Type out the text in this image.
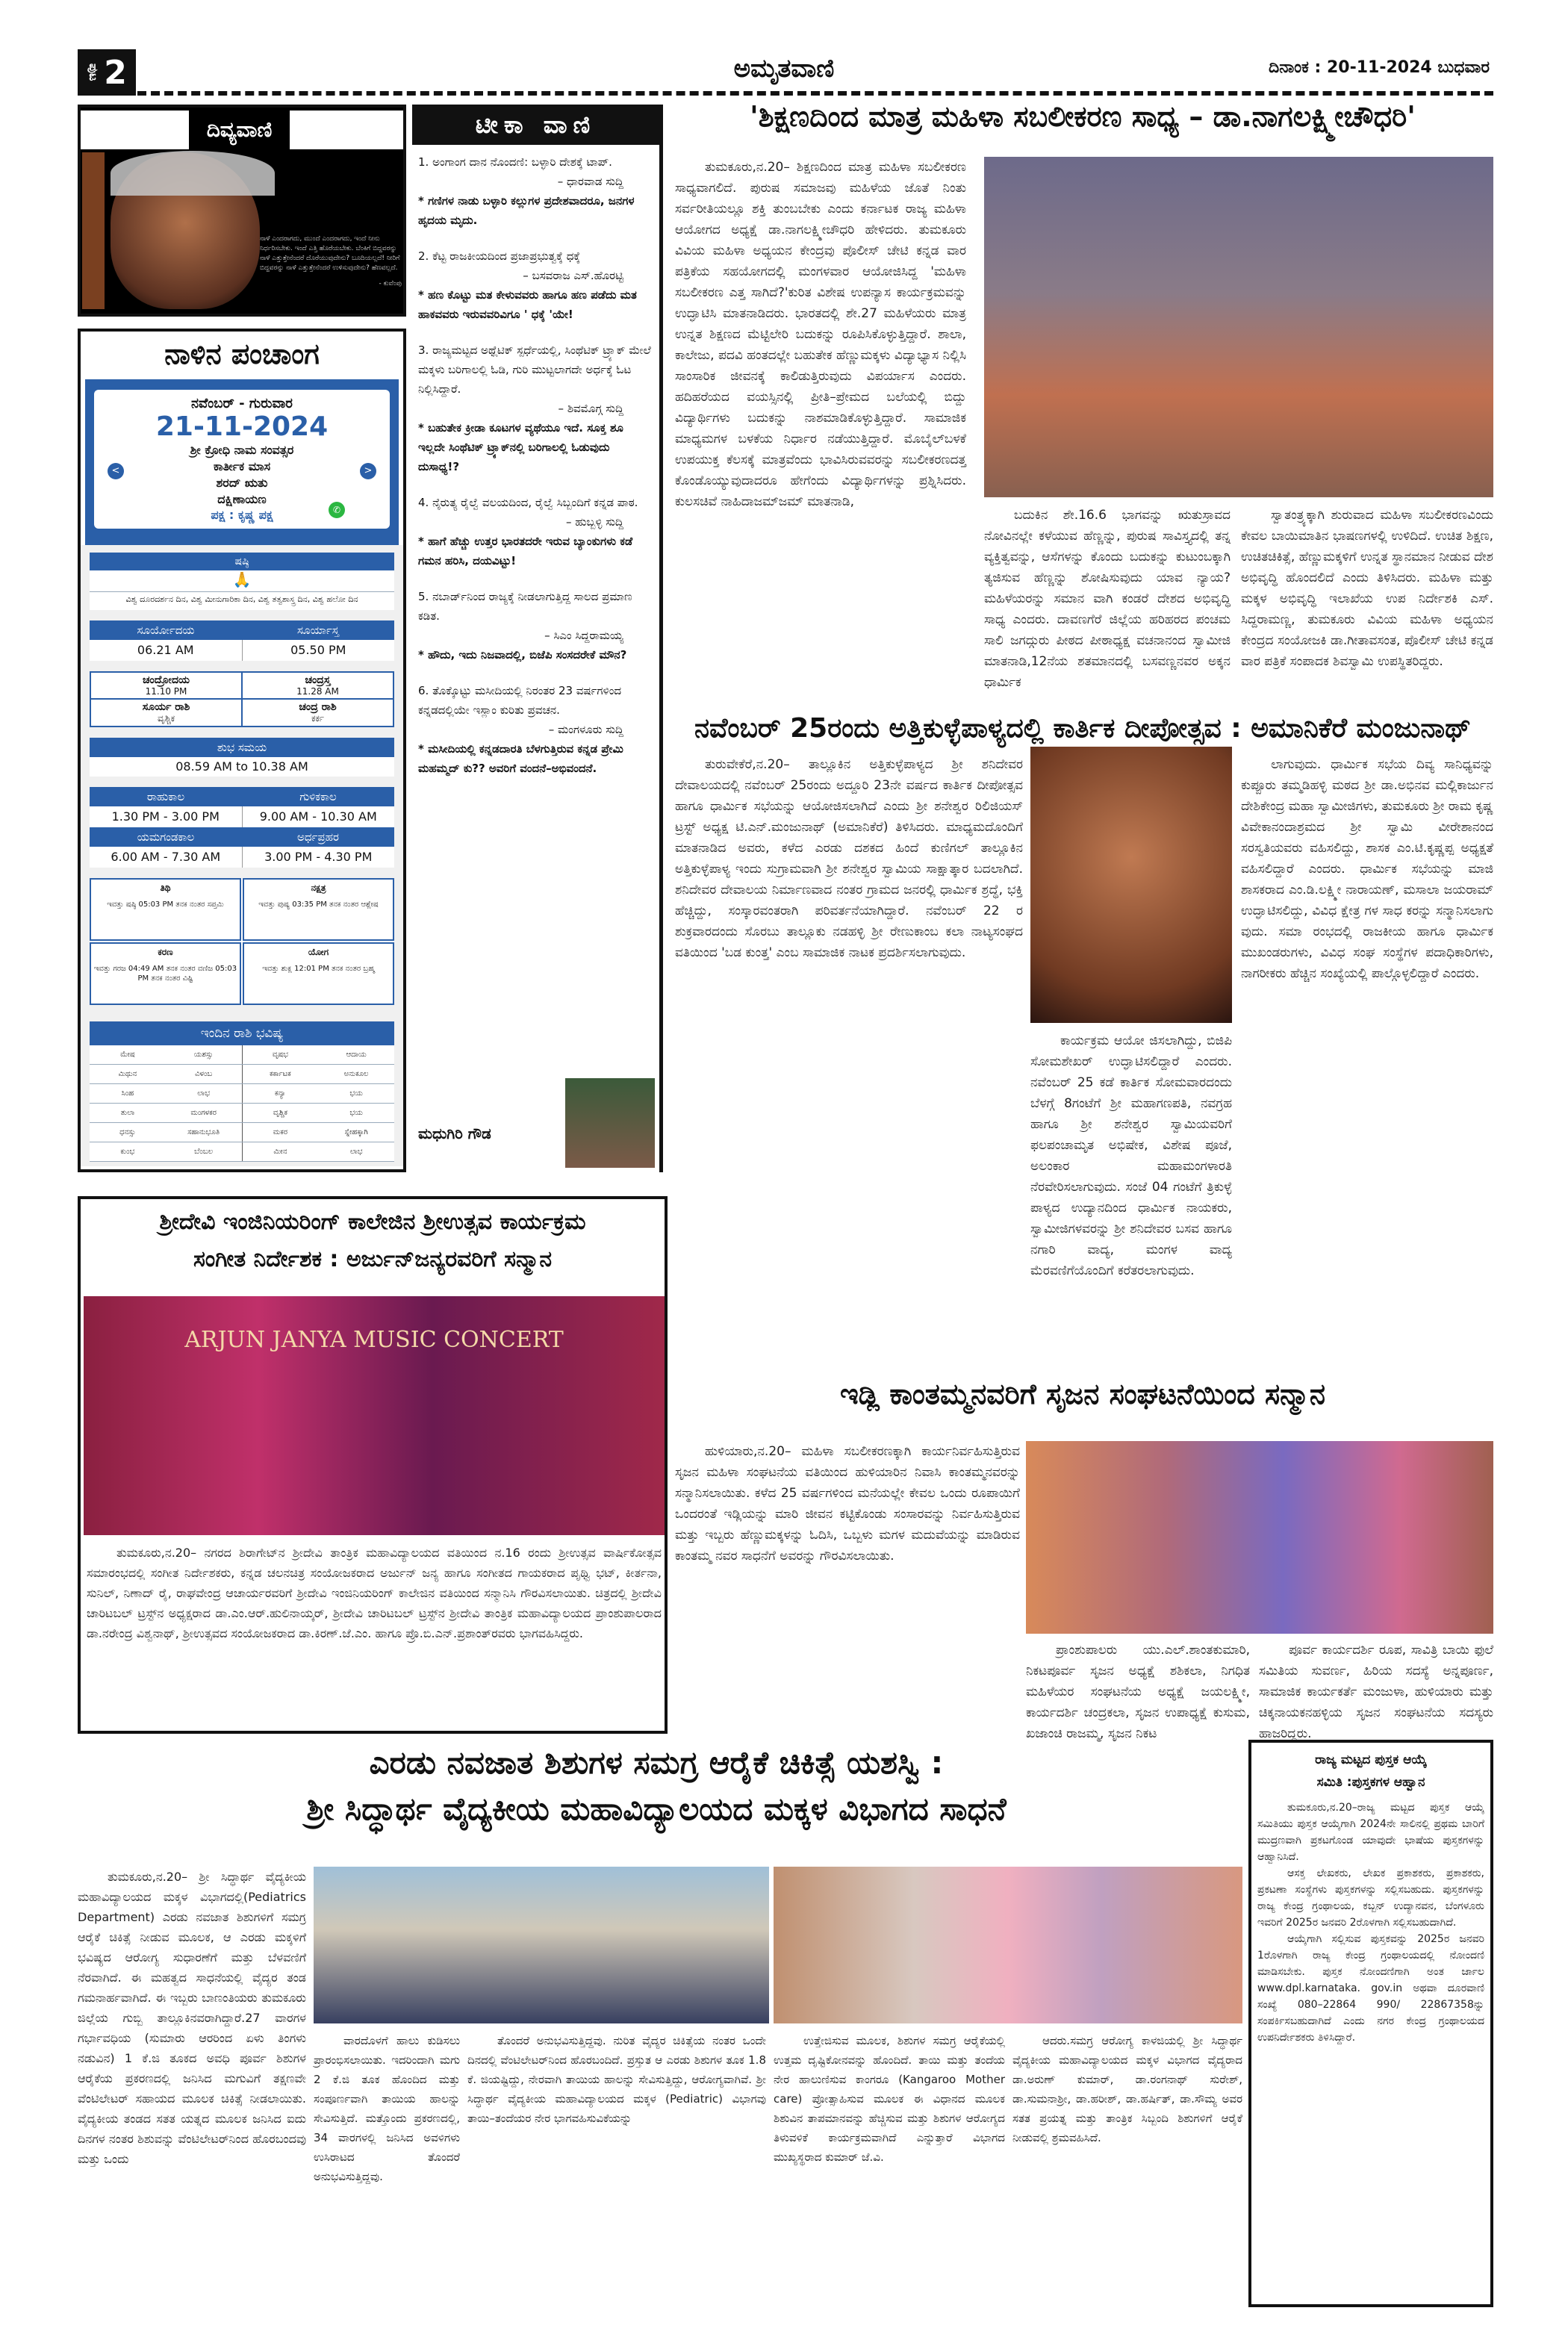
ಪುಟ 2	ಅಮೃತವಾಣಿ	ದಿನಾಂಕ : 20-11-2024 ಬುಧವಾರ
ದಿವ್ಯವಾಣಿ
ನಾಳೆ ಎಂದರಾಗದು, ಮುಂದೆ ಎಂದರಾಗದು, ಇಂದೆ ನೀನು ನಿರ್ಧರಿಸಬೇಕು. ಇಂದೆ ಎತ್ತಿ ಹೊರೆಯಬೇಕು. ಬೆಂಕಿಗೆ ಬಿದ್ದವರನ್ನು ನಾಳೆ ಎತ್ತುತ್ತೇನೆಂದರೆ ದೊರೆಯುವುದೇನು? ಬೂದಿಯಲ್ಲದೆ! ನೀರಿಗೆ ಬಿದ್ದವರನ್ನು ನಾಳೆ ಎತ್ತುತ್ತೇನೆಂದರೆ ಉಳಿಸುವುದೇನು? ಹೆಣವಲ್ಲದೆ.
- ಕುವೆಂಪು
ನಾಳಿನ ಪಂಚಾಂಗ
ನವೆಂಬರ್ - ಗುರುವಾರ
21-11-2024
ಶ್ರೀ ಕ್ರೋಧಿ ನಾಮ ಸಂವತ್ಸರ
ಕಾರ್ತೀಕ ಮಾಸ
ಶರದ್ ಋತು
ದಕ್ಷಿಣಾಯಣ
ಪಕ್ಷ : ಕೃಷ್ಣ ಪಕ್ಷ
<	>
✆
ಷಷ್ಠಿ
🙏
ವಿಶ್ವ ದೂರದರ್ಶನ ದಿನ, ವಿಶ್ವ ಮೀನುಗಾರಿಕಾ ದಿನ, ವಿಶ್ವ ತತ್ವಶಾಸ್ತ್ರ ದಿನ, ವಿಶ್ವ ಹಲೋ ದಿನ
ಸೂರ್ಯೋದಯ	ಸೂರ್ಯಾಸ್ತ
06.21 AM	05.50 PM
ಚಂದ್ರೋದಯ
11.10 PM
ಚಂದ್ರಸ್ತ
11.28 AM
ಸೂರ್ಯ ರಾಶಿ
ವೃಶ್ಚಿಕ
ಚಂದ್ರ ರಾಶಿ
ಕರ್ಕ
ಶುಭ ಸಮಯ
08.59 AM to 10.38 AM
ರಾಹುಕಾಲ	ಗುಳಿಕಕಾಲ
1.30 PM - 3.00 PM	9.00 AM - 10.30 AM
ಯಮಗಂಡಕಾಲ	ಅರ್ಧಪ್ರಹರ
6.00 AM - 7.30 AM	3.00 PM - 4.30 PM
ತಿಥಿ
ಇವತ್ತು ಷಷ್ಠಿ 05:03 PM ತನಕ ನಂತರ ಸಪ್ತಮಿ
ನಕ್ಷತ್ರ
ಇವತ್ತು ಪುಷ್ಯ 03:35 PM ತನಕ ನಂತರ ಆಶ್ಲೇಷ
ಕರಣ
ಇವತ್ತು ಗರಜ 04:49 AM ತನಕ ನಂತರ ವಣಿಜ 05:03 PM ತನಕ ನಂತರ ವಿಷ್ಟಿ
ಯೋಗ
ಇವತ್ತು ಶುಕ್ಲ 12:01 PM ತನಕ ನಂತರ ಬ್ರಹ್ಮ
ಇಂದಿನ ರಾಶಿ ಭವಿಷ್ಯ
ಮೇಷ	ಯಶಸ್ಸು	ವೃಷಭ	ಆದಾಯ
ಮಿಥುನ	ವಿಳಂಬ	ಕರ್ಕಾಟಕ	ಅನುಕೂಲ
ಸಿಂಹ	ಲಾಭ	ಕನ್ಯಾ	ಭಯ
ತುಲಾ	ಮಂಗಳಕರ	ವೃಶ್ಚಿಕ	ಭಯ
ಧನಸ್ಸು	ಸಹಾನುಭೂತಿ	ಮಕರ	ಸ್ನೇಹಕ್ಕಾಗಿ
ಕುಂಭ	ಬೆಂಬಲ	ಮೀನ	ಲಾಭ
ಟೀಕಾ ವಾಣಿ
1. ಅಂಗಾಂಗ ದಾನ ನೊಂದಣಿ: ಬಳ್ಳಾರಿ ದೇಶಕ್ಕೆ ಟಾಪ್.
– ಧಾರವಾಡ ಸುದ್ದಿ
* ಗಣಿಗಳ ನಾಡು ಬಳ್ಳಾರಿ ಕಲ್ಲುಗಳ ಪ್ರದೇಶವಾದರೂ, ಜನಗಳ ಹೃದಯ ಮೃದು.
2. ಕೆಟ್ಟ ರಾಜಕೀಯದಿಂದ ಪ್ರಜಾಪ್ರಭುತ್ವಕ್ಕೆ ಧಕ್ಕೆ
– ಬಸವರಾಜ ಎಸ್.ಹೊರಟ್ಟಿ
* ಹಣ ಕೊಟ್ಟು ಮತ ಕೇಳುವವರು ಹಾಗೂ ಹಣ ಪಡೆದು ಮತ ಹಾಕವವರು ಇರುವವರಿವಿಗೂ ' ಧಕ್ಕೆ 'ಯೇ!
3. ರಾಜ್ಯಮಟ್ಟದ ಅಥ್ಲೆಟಿಕ್ ಸ್ಪರ್ಧೆಯಲ್ಲಿ, ಸಿಂಥೆಟಿಕ್ ಟ್ರ್ಯಾಕ್ ಮೇಲೆ ಮಕ್ಕಳು ಬರಿಗಾಲಲ್ಲಿ ಓಡಿ, ಗುರಿ ಮುಟ್ಟಲಾಗದೇ ಅರ್ಧಕ್ಕೆ ಓಟ ನಿಲ್ಲಿಸಿದ್ದಾರೆ.
– ಶಿವಮೊಗ್ಗ ಸುದ್ದಿ
* ಬಹುತೇಕ ಕ್ರೀಡಾ ಕೂಟಗಳ ವ್ಯಥೆಯೂ ಇದೆ. ಸೂಕ್ತ ಶೂ ಇಲ್ಲದೇ ಸಿಂಥೆಟಿಕ್ ಟ್ರ್ಯಾಕ್‌ನಲ್ಲಿ ಬರಿಗಾಲಲ್ಲಿ ಓಡುವುದು ದುಸಾಧ್ಯ!?
4. ನೈರುತ್ಯ ರೈಲ್ವೆ ವಲಯದಿಂದ, ರೈಲ್ವೆ ಸಿಬ್ಬಂದಿಗೆ ಕನ್ನಡ ಪಾಠ.
– ಹುಬ್ಬಳ್ಳಿ ಸುದ್ದಿ
* ಹಾಗೆ ಹೆಚ್ಚು ಉತ್ತರ ಭಾರತದರೇ ಇರುವ ಬ್ಯಾಂಕುಗಳು ಕಡೆ ಗಮನ ಹರಿಸಿ, ದಯವಿಟ್ಟು!
5. ನಬಾರ್ಡ್‌ನಿಂದ ರಾಜ್ಯಕ್ಕೆ ನೀಡಲಾಗುತ್ತಿದ್ದ ಸಾಲದ ಪ್ರಮಾಣ ಕಡಿತ.
– ಸಿಎಂ ಸಿದ್ದರಾಮಯ್ಯ
* ಹೌದು, ಇದು ನಿಜವಾದಲ್ಲಿ, ಬಿಜೆಪಿ ಸಂಸದರೇಕೆ ಮೌನ?
6. ತೊಕ್ಕೊಟ್ಟು ಮಸೀದಿಯಲ್ಲಿ ನಿರಂತರ 23 ವರ್ಷಗಳಿಂದ ಕನ್ನಡದಲ್ಲಿಯೇ ಇಸ್ಲಾಂ ಕುರಿತು ಪ್ರವಚನ.
– ಮಂಗಳೂರು ಸುದ್ದಿ
* ಮಸೀದಿಯಲ್ಲಿ ಕನ್ನಡದಾರತಿ ಬೆಳಗುತ್ತಿರುವ ಕನ್ನಡ ಪ್ರೇಮಿ ಮಹಮ್ಮದ್ ಕು?? ಅವರಿಗೆ ವಂದನೆ–ಅಭಿವಂದನೆ.
ಮಧುಗಿರಿ ಗೌಡ
'ಶಿಕ್ಷಣದಿಂದ ಮಾತ್ರ ಮಹಿಳಾ ಸಬಲೀಕರಣ ಸಾಧ್ಯ – ಡಾ.ನಾಗಲಕ್ಷ್ಮೀಚೌಧರಿ'

ತುಮಕೂರು,ನ.20– ಶಿಕ್ಷಣದಿಂದ ಮಾತ್ರ ಮಹಿಳಾ ಸಬಲೀಕರಣ ಸಾಧ್ಯವಾಗಲಿದೆ. ಪುರುಷ ಸಮಾಜವು ಮಹಿಳೆಯ ಜೊತೆ ನಿಂತು ಸರ್ವರೀತಿಯಲ್ಲೂ ಶಕ್ತಿ ತುಂಬಬೇಕು ಎಂದು ಕರ್ನಾಟಕ ರಾಜ್ಯ ಮಹಿಳಾ ಆಯೋಗದ ಅಧ್ಯಕ್ಷೆ ಡಾ.ನಾಗಲಕ್ಷ್ಮೀಚೌಧರಿ ಹೇಳಿದರು. ತುಮಕೂರು ವಿವಿಯ ಮಹಿಳಾ ಅಧ್ಯಯನ ಕೇಂದ್ರವು ಪೊಲೀಸ್ ಚೇಟಿ ಕನ್ನಡ ವಾರ ಪತ್ರಿಕೆಯ ಸಹಯೋಗದಲ್ಲಿ ಮಂಗಳವಾರ ಆಯೋಜಿಸಿದ್ದ 'ಮಹಿಳಾ ಸಬಲೀಕರಣ ಎತ್ತ ಸಾಗಿದೆ?'ಕುರಿತ ವಿಶೇಷ ಉಪನ್ಯಾಸ ಕಾರ್ಯಕ್ರಮವನ್ನು ಉದ್ಘಾಟಿಸಿ ಮಾತನಾಡಿದರು. ಭಾರತದಲ್ಲಿ ಶೇ.27 ಮಹಿಳೆಯರು ಮಾತ್ರ ಉನ್ನತ ಶಿಕ್ಷಣದ ಮೆಟ್ಟಿಲೇರಿ ಬದುಕನ್ನು ರೂಪಿಸಿಕೊಳ್ಳುತ್ತಿದ್ದಾರೆ. ಶಾಲಾ, ಕಾಲೇಜು, ಪದವಿ ಹಂತದಲ್ಲೇ ಬಹುತೇಕ ಹೆಣ್ಣುಮಕ್ಕಳು ವಿದ್ಯಾಭ್ಯಾಸ ನಿಲ್ಲಿಸಿ ಸಾಂಸಾರಿಕ ಜೀವನಕ್ಕೆ ಕಾಲಿಡುತ್ತಿರುವುದು ವಿಪರ್ಯಾಸ ಎಂದರು. ಹದಿಹರೆಯದ ವಯಸ್ಸಿನಲ್ಲಿ ಪ್ರೀತಿ–ಪ್ರೇಮದ ಬಲೆಯಲ್ಲಿ ಬಿದ್ದು ವಿದ್ಯಾರ್ಥಿಗಳು ಬದುಕನ್ನು ನಾಶಮಾಡಿಕೊಳ್ಳುತ್ತಿದ್ದಾರೆ. ಸಾಮಾಜಿಕ ಮಾಧ್ಯಮಗಳ ಬಳಕೆಯ ನಿರ್ಧಾರ ನಡೆಯುತ್ತಿದ್ದಾರೆ. ಮೊಬೈಲ್‌ಬಳಕೆ ಉಪಯುಕ್ತ ಕೆಲಸಕ್ಕೆ ಮಾತ್ರವೆಂದು ಭಾವಿಸಿರುವವರನ್ನು ಸಬಲೀಕರಣದತ್ತ ಕೊಂಡೊಯ್ಯುವುದಾದರೂ ಹೇಗೆಂದು ವಿದ್ಯಾರ್ಥಿಗಳನ್ನು ಪ್ರಶ್ನಿಸಿದರು. ಕುಲಸಚಿವೆ ನಾಹಿದಾಜಮ್‌ಜಮ್ ಮಾತನಾಡಿ,

ಬದುಕಿನ ಶೇ.16.6 ಭಾಗವನ್ನು ಋತುಸ್ರಾವದ ನೋವಿನಲ್ಲೇ ಕಳೆಯುವ ಹೆಣ್ಣನ್ನು, ಪುರುಷ ಸಾವಿಸ್ತ್ಯದಲ್ಲಿ ತನ್ನ ವ್ಯಕ್ತಿತ್ವವನ್ನು, ಆಸೆಗಳನ್ನು ಕೊಂದು ಬದುಕನ್ನು ಕುಟುಂಬಕ್ಕಾಗಿ ತ್ಯಜಿಸುವ ಹೆಣ್ಣನ್ನು ಶೋಷಿಸುವುದು ಯಾವ ನ್ಯಾಯ? ಮಹಿಳೆಯರನ್ನು ಸಮಾನ ವಾಗಿ ಕಂಡರೆ ದೇಶದ ಅಭಿವೃದ್ಧಿ ಸಾಧ್ಯ ಎಂದರು. ದಾವಣಗೆರೆ ಜಿಲ್ಲೆಯ ಹರಿಹರದ ಪಂಚಮ ಸಾಲಿ ಜಗದ್ಗುರು ಪೀಠದ ಪೀಠಾಧ್ಯಕ್ಷ ವಚನಾನಂದ ಸ್ವಾಮೀಜಿ ಮಾತನಾಡಿ,12ನೆಯ ಶತಮಾನದಲ್ಲಿ ಬಸವಣ್ಣನವರ ಅಕ್ಕನ ಧಾರ್ಮಿಕ

ಸ್ವಾತಂತ್ರ್ಯಕ್ಕಾಗಿ ಶುರುವಾದ ಮಹಿಳಾ ಸಬಲೀಕರಣವಿಂದು ಕೇವಲ ಬಾಯಿಮಾತಿನ ಭಾಷಣಗಳಲ್ಲಿ ಉಳಿದಿದೆ. ಉಚಿತ ಶಿಕ್ಷಣ, ಉಚಿತಚಿಕಿತ್ಸೆ, ಹೆಣ್ಣುಮಕ್ಕಳಿಗೆ ಉನ್ನತ ಸ್ಥಾನಮಾನ ನೀಡುವ ದೇಶ ಅಭಿವೃದ್ಧಿ ಹೊಂದಲಿದೆ ಎಂದು ತಿಳಿಸಿದರು. ಮಹಿಳಾ ಮತ್ತು ಮಕ್ಕಳ ಅಭಿವೃದ್ಧಿ ಇಲಾಖೆಯ ಉಪ ನಿರ್ದೇಶಕಿ ಎಸ್. ಸಿದ್ದರಾಮಣ್ಣ, ತುಮಕೂರು ವಿವಿಯ ಮಹಿಳಾ ಅಧ್ಯಯನ ಕೇಂದ್ರದ ಸಂಯೋಜಕಿ ಡಾ.ಗೀತಾವಸಂತ, ಪೊಲೀಸ್ ಚೇಟಿ ಕನ್ನಡ ವಾರ ಪತ್ರಿಕೆ ಸಂಪಾದಕ ಶಿವಸ್ವಾಮಿ ಉಪಸ್ಥಿತರಿದ್ದರು.

ನವೆಂಬರ್ 25ರಂದು ಅತ್ತಿಕುಳ್ಳೆಪಾಳ್ಯದಲ್ಲಿ ಕಾರ್ತಿಕ ದೀಪೋತ್ಸವ : ಅಮಾನಿಕೆರೆ ಮಂಜುನಾಥ್

ತುರುವೇಕೆರೆ,ನ.20– ತಾಲ್ಲೂಕಿನ ಅತ್ತಿಕುಳ್ಳೆಪಾಳ್ಯದ ಶ್ರೀ ಶನಿದೇವರ ದೇವಾಲಯದಲ್ಲಿ ನವೆಂಬರ್ 25ರಂದು ಅದ್ದೂರಿ 23ನೇ ವರ್ಷದ ಕಾರ್ತಿಕ ದೀಪೋತ್ಸವ ಹಾಗೂ ಧಾರ್ಮಿಕ ಸಭೆಯನ್ನು ಆಯೋಜಿಸಲಾಗಿದೆ ಎಂದು ಶ್ರೀ ಶನೇಶ್ವರ ರಿಲಿಜಿಯಸ್ ಟ್ರಸ್ಟ್ ಅಧ್ಯಕ್ಷ ಟಿ.ಎನ್.ಮಂಜುನಾಥ್ (ಅಮಾನಿಕೆರೆ) ತಿಳಿಸಿದರು. ಮಾಧ್ಯಮದೊಂದಿಗೆ ಮಾತನಾಡಿದ ಅವರು, ಕಳೆದ ಎರಡು ದಶಕದ ಹಿಂದೆ ಕುಣಿಗಲ್ ತಾಲ್ಲೂಕಿನ ಅತ್ತಿಕುಳ್ಳೆಪಾಳ್ಯ ಇಂದು ಸುಗ್ರಾಮವಾಗಿ ಶ್ರೀ ಶನೇಶ್ವರ ಸ್ವಾಮಿಯ ಸಾಕ್ಷಾತ್ಕಾರ ಬದಲಾಗಿದೆ. ಶನಿದೇವರ ದೇವಾಲಯ ನಿರ್ಮಾಣವಾದ ನಂತರ ಗ್ರಾಮದ ಜನರಲ್ಲಿ ಧಾರ್ಮಿಕ ಶ್ರದ್ಧೆ, ಭಕ್ತಿ ಹೆಚ್ಚಿದ್ದು, ಸಂಸ್ಕಾರವಂತರಾಗಿ ಪರಿವರ್ತನೆಯಾಗಿದ್ದಾರೆ. ನವೆಂಬರ್ 22 ರ ಶುಕ್ರವಾರದಂದು ಸೊರಬು ತಾಲ್ಲೂಕು ನಡಹಳ್ಳಿ ಶ್ರೀ ರೇಣುಕಾಂಬ ಕಲಾ ನಾಟ್ಯಸಂಘದ ವತಿಯಿಂದ 'ಬಡ ಕುಂತ್ತ' ಎಂಬ ಸಾಮಾಜಿಕ ನಾಟಕ ಪ್ರದರ್ಶಿಸಲಾಗುವುದು.

ಕಾರ್ಯಕ್ರಮ ಆಯೋ ಜಿಸಲಾಗಿದ್ದು, ಬಿಜಿಪಿ ಸೋಮಶೇಖರ್ ಉದ್ಘಾಟಿಸಲಿದ್ದಾರೆ ಎಂದರು. ನವೆಂಬರ್ 25 ಕಡೆ ಕಾರ್ತಿಕ ಸೋಮವಾರದಂದು ಬೆಳಗ್ಗೆ 8ಗಂಟೆಗೆ ಶ್ರೀ ಮಹಾಗಣಪತಿ, ನವಗ್ರಹ ಹಾಗೂ ಶ್ರೀ ಶನೇಶ್ವರ ಸ್ವಾಮಿಯವರಿಗೆ ಫಲಪಂಚಾಮೃತ ಅಭಿಷೇಕ, ವಿಶೇಷ ಪೂಜೆ, ಅಲಂಕಾರ ಮಹಾಮಂಗಳಾರತಿ ನೆರವೇರಿಸಲಾಗುವುದು. ಸಂಜೆ 04 ಗಂಟೆಗೆ ತ್ರಿಕುಳ್ಳೆ ಪಾಳ್ಯದ ಉದ್ಯಾನದಿಂದ ಧಾರ್ಮಿಕ ನಾಯಕರು, ಸ್ವಾಮೀಜಿಗಳವರನ್ನು ಶ್ರೀ ಶನಿದೇವರ ಬಸವ ಹಾಗೂ ನಗಾರಿ ವಾದ್ಯ, ಮಂಗಳ ವಾದ್ಯ ಮೆರವಣಿಗೆಯೊಂದಿಗೆ ಕರೆತರಲಾಗುವುದು.

ಲಾಗುವುದು. ಧಾರ್ಮಿಕ ಸಭೆಯ ದಿವ್ಯ ಸಾನಿಧ್ಯವನ್ನು ಕುಪ್ಪೂರು ತಮ್ಮಡಿಹಳ್ಳಿ ಮಠದ ಶ್ರೀ ಡಾ.ಅಭಿನವ ಮಲ್ಲಿಕಾರ್ಜುನ ದೇಶಿಕೇಂದ್ರ ಮಹಾ ಸ್ವಾಮೀಜಿಗಳು, ತುಮಕೂರು ಶ್ರೀ ರಾಮ ಕೃಷ್ಣ ವಿವೇಕಾನಂದಾಶ್ರಮದ ಶ್ರೀ ಸ್ವಾಮಿ ವೀರೇಶಾನಂದ ಸರಸ್ವತಿಯವರು ವಹಿಸಲಿದ್ದು, ಶಾಸಕ ಎಂ.ಟಿ.ಕೃಷ್ಣಪ್ಪ ಅಧ್ಯಕ್ಷತೆ ವಹಿಸಲಿದ್ದಾರೆ ಎಂದರು. ಧಾರ್ಮಿಕ ಸಭೆಯನ್ನು ಮಾಜಿ ಶಾಸಕರಾದ ಎಂ.ಡಿ.ಲಕ್ಷ್ಮೀ ನಾರಾಯಣ್, ಮಸಾಲಾ ಜಯರಾಮ್ ಉದ್ಘಾಟಿಸಲಿದ್ದು, ವಿವಿಧ ಕ್ಷೇತ್ರ ಗಳ ಸಾಧ ಕರನ್ನು ಸನ್ಮಾನಿಸಲಾಗು ವುದು. ಸಮಾ ರಂಭದಲ್ಲಿ ರಾಜಕೀಯ ಹಾಗೂ ಧಾರ್ಮಿಕ ಮುಖಂಡರುಗಳು, ವಿವಿಧ ಸಂಘ ಸಂಸ್ಥೆಗಳ ಪದಾಧಿಕಾರಿಗಳು, ನಾಗರೀಕರು ಹೆಚ್ಚಿನ ಸಂಖ್ಯೆಯಲ್ಲಿ ಪಾಲ್ಗೊಳ್ಳಲಿದ್ದಾರೆ ಎಂದರು.

ಶ್ರೀದೇವಿ ಇಂಜಿನಿಯರಿಂಗ್ ಕಾಲೇಜಿನ ಶ್ರೀಉತ್ಸವ ಕಾರ್ಯಕ್ರಮ
ಸಂಗೀತ ನಿರ್ದೇಶಕ : ಅರ್ಜುನ್‌ಜನ್ಯರವರಿಗೆ ಸನ್ಮಾನ
ARJUN JANYA MUSIC CONCERT

ತುಮಕೂರು,ನ.20– ನಗರದ ಶಿರಾಗೇಟ್‌ನ ಶ್ರೀದೇವಿ ತಾಂತ್ರಿಕ ಮಹಾವಿದ್ಯಾಲಯದ ವತಿಯಿಂದ ನ.16 ರಂದು ಶ್ರೀಉತ್ಸವ ವಾರ್ಷಿಕೋತ್ಸವ ಸಮಾರಂಭದಲ್ಲಿ ಸಂಗೀತ ನಿರ್ದೇಶಕರು, ಕನ್ನಡ ಚಲನಚಿತ್ರ ಸಂಯೋಜಕರಾದ ಅರ್ಜುನ್ ಜನ್ಯ ಹಾಗೂ ಸಂಗೀತದ ಗಾಯಕರಾದ ಪೃಥ್ವಿ ಭಟ್, ಕೀರ್ತನಾ, ಸುನಿಲ್, ನಿಣಾದ್ ರೈ, ರಾಘವೇಂದ್ರ ಆಚಾರ್ಯರವರಿಗೆ ಶ್ರೀದೇವಿ ಇಂಜಿನಿಯರಿಂಗ್ ಕಾಲೇಜಿನ ವತಿಯಿಂದ ಸನ್ಮಾನಿಸಿ ಗೌರವಿಸಲಾಯಿತು. ಚಿತ್ರದಲ್ಲಿ ಶ್ರೀದೇವಿ ಚಾರಿಟಬಲ್ ಟ್ರಸ್ಟ್‌ನ ಅಧ್ಯಕ್ಷರಾದ ಡಾ.ಎಂ.ಆರ್.ಹುಲಿನಾಯ್ಕರ್, ಶ್ರೀದೇವಿ ಚಾರಿಟಬಲ್ ಟ್ರಸ್ಟ್‌ನ ಶ್ರೀದೇವಿ ತಾಂತ್ರಿಕ ಮಹಾವಿದ್ಯಾಲಯದ ಪ್ರಾಂಶುಪಾಲರಾದ ಡಾ.ನರೇಂದ್ರ ವಿಶ್ವನಾಥ್, ಶ್ರೀಉತ್ಸವದ ಸಂಯೋಜಕರಾದ ಡಾ.ಕಿರಣ್.ಜೆ.ಎಂ. ಹಾಗೂ ಪ್ರೊ.ಬಿ.ಎನ್.ಪ್ರಶಾಂತ್‌ರವರು ಭಾಗವಹಿಸಿದ್ದರು.

ಇಡ್ಲಿ ಕಾಂತಮ್ಮನವರಿಗೆ ಸೃಜನ ಸಂಘಟನೆಯಿಂದ ಸನ್ಮಾನ

ಹುಳಿಯಾರು,ನ.20– ಮಹಿಳಾ ಸಬಲೀಕರಣಕ್ಕಾಗಿ ಕಾರ್ಯನಿರ್ವಹಿಸುತ್ತಿರುವ ಸೃಜನ ಮಹಿಳಾ ಸಂಘಟನೆಯ ವತಿಯಿಂದ ಹುಳಿಯಾರಿನ ನಿವಾಸಿ ಕಾಂತಮ್ಮನವರನ್ನು ಸನ್ಮಾನಿಸಲಾಯಿತು. ಕಳೆದ 25 ವರ್ಷಗಳಿಂದ ಮನೆಯಲ್ಲೇ ಕೇವಲ ಒಂದು ರೂಪಾಯಿಗೆ ಒಂದರಂತೆ ಇಡ್ಲಿಯನ್ನು ಮಾರಿ ಜೀವನ ಕಟ್ಟಿಕೊಂಡು ಸಂಸಾರವನ್ನು ನಿರ್ವಹಿಸುತ್ತಿರುವ ಮತ್ತು ಇಬ್ಬರು ಹೆಣ್ಣುಮಕ್ಕಳನ್ನು ಓದಿಸಿ, ಒಬ್ಬಳು ಮಗಳ ಮದುವೆಯನ್ನು ಮಾಡಿರುವ ಕಾಂತಮ್ಮ ನವರ ಸಾಧನೆಗೆ ಅವರನ್ನು ಗೌರವಿಸಲಾಯಿತು.

ಪ್ರಾಂಶುಪಾಲರು ಯು.ಎಲ್.ಶಾಂತಕುಮಾರಿ, ನಿಕಟಪೂರ್ವ ಸೃಜನ ಅಧ್ಯಕ್ಷೆ ಶಶಿಕಲಾ, ನಿಗಧಿತ ಮಹಿಳೆಯರ ಸಂಘಟನೆಯ ಅಧ್ಯಕ್ಷೆ ಜಯಲಕ್ಷ್ಮೀ, ಕಾರ್ಯದರ್ಶಿ ಚಂದ್ರಕಲಾ, ಸೃಜನ ಉಪಾಧ್ಯಕ್ಷೆ ಕುಸುಮ, ಖಜಾಂಚಿ ರಾಜಮ್ಮ, ಸೃಜನ ನಿಕಟ

ಪೂರ್ವ ಕಾರ್ಯದರ್ಶಿ ರೂಪ, ಸಾವಿತ್ರಿ ಬಾಯಿ ಫುಲೆ ಸಮಿತಿಯ ಸುವರ್ಣ, ಹಿರಿಯ ಸದಸ್ಯೆ ಅನ್ನಪೂರ್ಣ, ಸಾಮಾಜಿಕ ಕಾರ್ಯಕರ್ತೆ ಮಂಜುಳಾ, ಹುಳಿಯಾರು ಮತ್ತು ಚಿಕ್ಕನಾಯಕನಹಳ್ಳಿಯ ಸೃಜನ ಸಂಘಟನೆಯ ಸದಸ್ಯರು ಹಾಜರಿದ್ದರು.

ಎರಡು ನವಜಾತ ಶಿಶುಗಳ ಸಮಗ್ರ ಆರೈಕೆ ಚಿಕಿತ್ಸೆ ಯಶಸ್ವಿ :
ಶ್ರೀ ಸಿದ್ಧಾರ್ಥ ವೈದ್ಯಕೀಯ ಮಹಾವಿದ್ಯಾಲಯದ ಮಕ್ಕಳ ವಿಭಾಗದ ಸಾಧನೆ

ತುಮಕೂರು,ನ.20– ಶ್ರೀ ಸಿದ್ಧಾರ್ಥ ವೈದ್ಯಕೀಯ ಮಹಾವಿದ್ಯಾಲಯದ ಮಕ್ಕಳ ವಿಭಾಗದಲ್ಲಿ(Pediatrics Department) ಎರಡು ನವಜಾತ ಶಿಶುಗಳಿಗೆ ಸಮಗ್ರ ಆರೈಕೆ ಚಿಕಿತ್ಸೆ ನೀಡುವ ಮೂಲಕ, ಆ ಎರಡು ಮಕ್ಕಳಿಗೆ ಭವಿಷ್ಯದ ಆರೋಗ್ಯ ಸುಧಾರಣೆಗೆ ಮತ್ತು ಬೆಳವಣಿಗೆ ನೆರವಾಗಿದೆ. ಈ ಮಹತ್ವದ ಸಾಧನೆಯಲ್ಲಿ ವೈದ್ಯರ ತಂಡ ಗಮನಾರ್ಹವಾಗಿದೆ. ಈ ಇಬ್ಬರು ಬಾಣಂತಿಯರು ತುಮಕೂರು ಜಿಲ್ಲೆಯ ಗುಬ್ಬಿ ತಾಲ್ಲೂಕಿನವರಾಗಿದ್ದಾರೆ.27 ವಾರಗಳ ಗರ್ಭಾವಧಿಯ (ಸುಮಾರು ಆರರಿಂದ ಏಳು ತಿಂಗಳು ನಡುವಿನ) 1 ಕೆ.ಜಿ ತೂಕದ ಅವಧಿ ಪೂರ್ವ ಶಿಶುಗಳ ಆರೈಕೆಯ ಪ್ರಕರಣದಲ್ಲಿ ಜನಿಸಿದ ಮಗುವಿಗೆ ತಕ್ಷಣವೇ ವೆಂಟಿಲೇಟರ್ ಸಹಾಯದ ಮೂಲಕ ಚಿಕಿತ್ಸೆ ನೀಡಲಾಯಿತು. ವೈದ್ಯಕೀಯ ತಂಡದ ಸತತ ಯತ್ನದ ಮೂಲಕ ಜನಿಸಿದ ಐದು ದಿನಗಳ ನಂತರ ಶಿಶುವನ್ನು ವೆಂಟಿಲೇಟರ್‌ನಿಂದ ಹೊರಬಂದವು ಮತ್ತು ಒಂದು

ವಾರದೊಳಗೆ ಹಾಲು ಕುಡಿಸಲು ಪ್ರಾರಂಭಿಸಲಾಯಿತು. ಇದರಿಂದಾಗಿ ಮಗು 2 ಕೆ.ಜಿ ತೂಕ ಹೊಂದಿದ ಮತ್ತು ಸಂಪೂರ್ಣವಾಗಿ ತಾಯಿಯ ಹಾಲನ್ನು ಸೇವಿಸುತ್ತಿದೆ. ಮತ್ತೊಂದು ಪ್ರಕರಣದಲ್ಲಿ, 34 ವಾರಗಳಲ್ಲಿ ಜನಿಸಿದ ಅವಳಿಗಳು ಉಸಿರಾಟದ ತೊಂದರೆ ಅನುಭವಿಸುತ್ತಿದ್ದವು.

ತೊಂದರೆ ಅನುಭವಿಸುತ್ತಿದ್ದವು. ನುರಿತ ವೈದ್ಯರ ಚಿಕಿತ್ಸೆಯ ನಂತರ ಒಂದೇ ದಿನದಲ್ಲಿ ವೆಂಟಿಲೇಟರ್‌ನಿಂದ ಹೊರಬಂದಿದೆ. ಪ್ರಸ್ತುತ ಆ ಎರಡು ಶಿಶುಗಳ ತೂಕ 1.8 ಕೆ. ಜಿಯಷ್ಟಿದ್ದು, ನೇರವಾಗಿ ತಾಯಿಯ ಹಾಲನ್ನು ಸೇವಿಸುತ್ತಿದ್ದು, ಆರೋಗ್ಯವಾಗಿವೆ. ಶ್ರೀ ಸಿದ್ಧಾರ್ಥ ವೈದ್ಯಕೀಯ ಮಹಾವಿದ್ಯಾಲಯದ ಮಕ್ಕಳ (Pediatric) ವಿಭಾಗವು ತಾಯಿ–ತಂದೆಯರ ನೇರ ಭಾಗವಹಿಸುವಿಕೆಯನ್ನು

ಉತ್ತೇಜಿಸುವ ಮೂಲಕ, ಶಿಶುಗಳ ಸಮಗ್ರ ಆರೈಕೆಯಲ್ಲಿ ಉತ್ತಮ ದೃಷ್ಟಿಕೋನವನ್ನು ಹೊಂದಿದೆ. ತಾಯಿ ಮತ್ತು ತಂದೆಯ ನೇರ ಹಾಲುಣಿಸುವ ಕಾಂಗರೂ (Kangaroo Mother care) ಪ್ರೋತ್ಸಾಹಿಸುವ ಮೂಲಕ ಈ ವಿಧಾನದ ಮೂಲಕ ಶಿಶುವಿನ ತಾಪಮಾನವನ್ನು ಹೆಚ್ಚಿಸುವ ಮತ್ತು ಶಿಶುಗಳ ಆರೋಗ್ಯದ ತಿಳುವಳಿಕೆ ಕಾರ್ಯಕ್ರಮವಾಗಿದೆ ಎನ್ನುತ್ತಾರೆ ವಿಭಾಗದ ಮುಖ್ಯಸ್ಥರಾದ ಕುಮಾರ್ ಜೆ.ವಿ.

ಆದರು.ಸಮಗ್ರ ಆರೋಗ್ಯ ಕಾಳಜಿಯಲ್ಲಿ ಶ್ರೀ ಸಿದ್ಧಾರ್ಥ ವೈದ್ಯಕೀಯ ಮಹಾವಿದ್ಯಾಲಯದ ಮಕ್ಕಳ ವಿಭಾಗದ ವೈದ್ಯರಾದ ಡಾ.ಅರುಣ್ ಕುಮಾರ್, ಡಾ.ರಂಗನಾಥ್ ಸುರೇಶ್, ಡಾ.ಸುಮನಾಶ್ರೀ, ಡಾ.ಹರೀಶ್, ಡಾ.ಹರ್ಷಿತ್, ಡಾ.ಸೌಮ್ಯ ಅವರ ಸತತ ಪ್ರಯತ್ನ ಮತ್ತು ತಾಂತ್ರಿಕ ಸಿಬ್ಬಂದಿ ಶಿಶುಗಳಿಗೆ ಆರೈಕೆ ನೀಡುವಲ್ಲಿ ಶ್ರಮವಹಿಸಿದೆ.

ರಾಜ್ಯ ಮಟ್ಟದ ಪುಸ್ತಕ ಆಯ್ಕೆ
ಸಮಿತಿ :ಪುಸ್ತಕಗಳ ಆಹ್ವಾನ

ತುಮಕೂರು,ನ.20–ರಾಜ್ಯ ಮಟ್ಟದ ಪುಸ್ತಕ ಆಯ್ಕೆ ಸಮಿತಿಯು ಪುಸ್ತಕ ಆಯ್ಕೆಗಾಗಿ 2024ನೇ ಸಾಲಿನಲ್ಲಿ ಪ್ರಥಮ ಬಾರಿಗೆ ಮುದ್ರಣವಾಗಿ ಪ್ರಕಟಗೊಂಡ ಯಾವುದೇ ಭಾಷೆಯ ಪುಸ್ತಕಗಳನ್ನು ಆಹ್ವಾನಿಸಿದೆ.

ಆಸಕ್ತ ಲೇಖಕರು, ಲೇಖಕ ಪ್ರಕಾಶಕರು, ಪ್ರಕಾಶಕರು, ಪ್ರಕಟಣಾ ಸಂಸ್ಥೆಗಳು ಪುಸ್ತಕಗಳನ್ನು ಸಲ್ಲಿಸಬಹುದು. ಪುಸ್ತಕಗಳನ್ನು ರಾಜ್ಯ ಕೇಂದ್ರ ಗ್ರಂಥಾಲಯ, ಕಬ್ಬನ್ ಉದ್ಯಾನವನ, ಬೆಂಗಳೂರು ಇವರಿಗೆ 2025ರ ಜನವರಿ 2ರೊಳಗಾಗಿ ಸಲ್ಲಿಸಬಹುದಾಗಿದೆ.

ಆಯ್ಕೆಗಾಗಿ ಸಲ್ಲಿಸುವ ಪುಸ್ತಕವನ್ನು 2025ರ ಜನವರಿ 1ರೊಳಗಾಗಿ ರಾಜ್ಯ ಕೇಂದ್ರ ಗ್ರಂಥಾಲಯದಲ್ಲಿ ನೋಂದಣಿ ಮಾಡಿಸಬೇಕು. ಪುಸ್ತಕ ನೋಂದಣಿಗಾಗಿ ಅಂತ ರ್ಜಾಲ www.dpl.karnataka. gov.in ಅಥವಾ ದೂರವಾಣಿ ಸಂಖ್ಯೆ 080–22864 990/ 22867358ನ್ನು ಸಂಪರ್ಕಿಸಬಹುದಾಗಿದೆ ಎಂದು ನಗರ ಕೇಂದ್ರ ಗ್ರಂಥಾಲಯದ ಉಪನಿರ್ದೇಶಕರು ತಿಳಿಸಿದ್ದಾರೆ.
